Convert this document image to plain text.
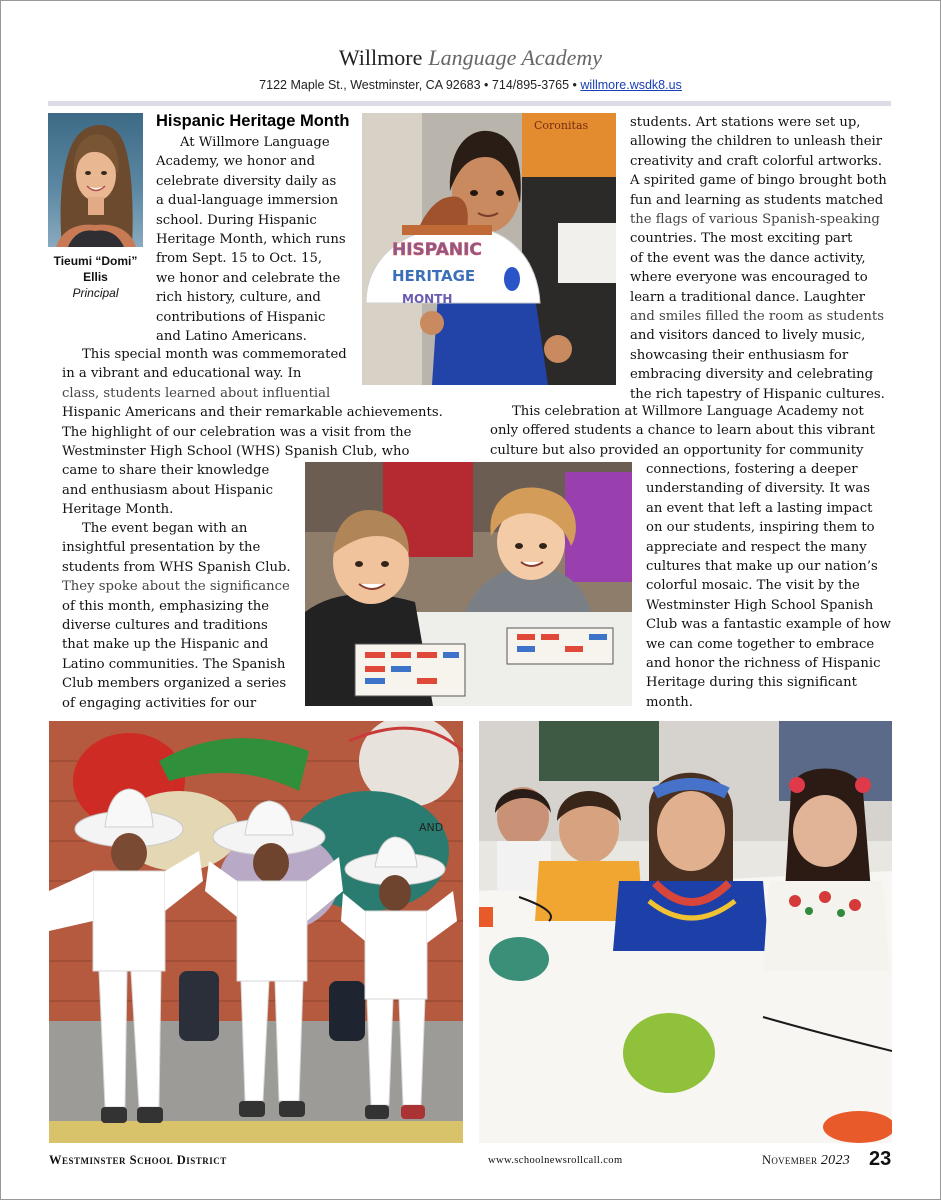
Willmore Language Academy
7122 Maple St., Westminster, CA 92683 • 714/895-3765 • willmore.wsdk8.us
Tieumi “Domi”
Ellis
Principal
Hispanic Heritage Month
At Willmore Language
Academy, we honor and
celebrate diversity daily as
a dual-language immersion
school. During Hispanic
Heritage Month, which runs
from Sept. 15 to Oct. 15,
we honor and celebrate the
rich history, culture, and
contributions of Hispanic
and Latino Americans.
This special month was commemorated
in a vibrant and educational way. In
class, students learned about influential
Hispanic Americans and their remarkable achievements.
The highlight of our celebration was a visit from the
Westminster High School (WHS) Spanish Club, who
came to share their knowledge
and enthusiasm about Hispanic
Heritage Month.
The event began with an
insightful presentation by the
students from WHS Spanish Club.
They spoke about the significance
of this month, emphasizing the
diverse cultures and traditions
that make up the Hispanic and
Latino communities. The Spanish
Club members organized a series
of engaging activities for our
students. Art stations were set up,
allowing the children to unleash their
creativity and craft colorful artworks.
A spirited game of bingo brought both
fun and learning as students matched
the flags of various Spanish-speaking
countries. The most exciting part
of the event was the dance activity,
where everyone was encouraged to
learn a traditional dance. Laughter
and smiles filled the room as students
and visitors danced to lively music,
showcasing their enthusiasm for
embracing diversity and celebrating
the rich tapestry of Hispanic cultures.
This celebration at Willmore Language Academy not
only offered students a chance to learn about this vibrant
culture but also provided an opportunity for community
connections, fostering a deeper
understanding of diversity. It was
an event that left a lasting impact
on our students, inspiring them to
appreciate and respect the many
cultures that make up our nation’s
colorful mosaic. The visit by the
Westminster High School Spanish
Club was a fantastic example of how
we can come together to embrace
and honor the richness of Hispanic
Heritage during this significant
month.
Coronitas
HISPANIC
HERITAGE
MONTH
AND
Westminster School District	www.schoolnewsrollcall.com	November 2023 23
